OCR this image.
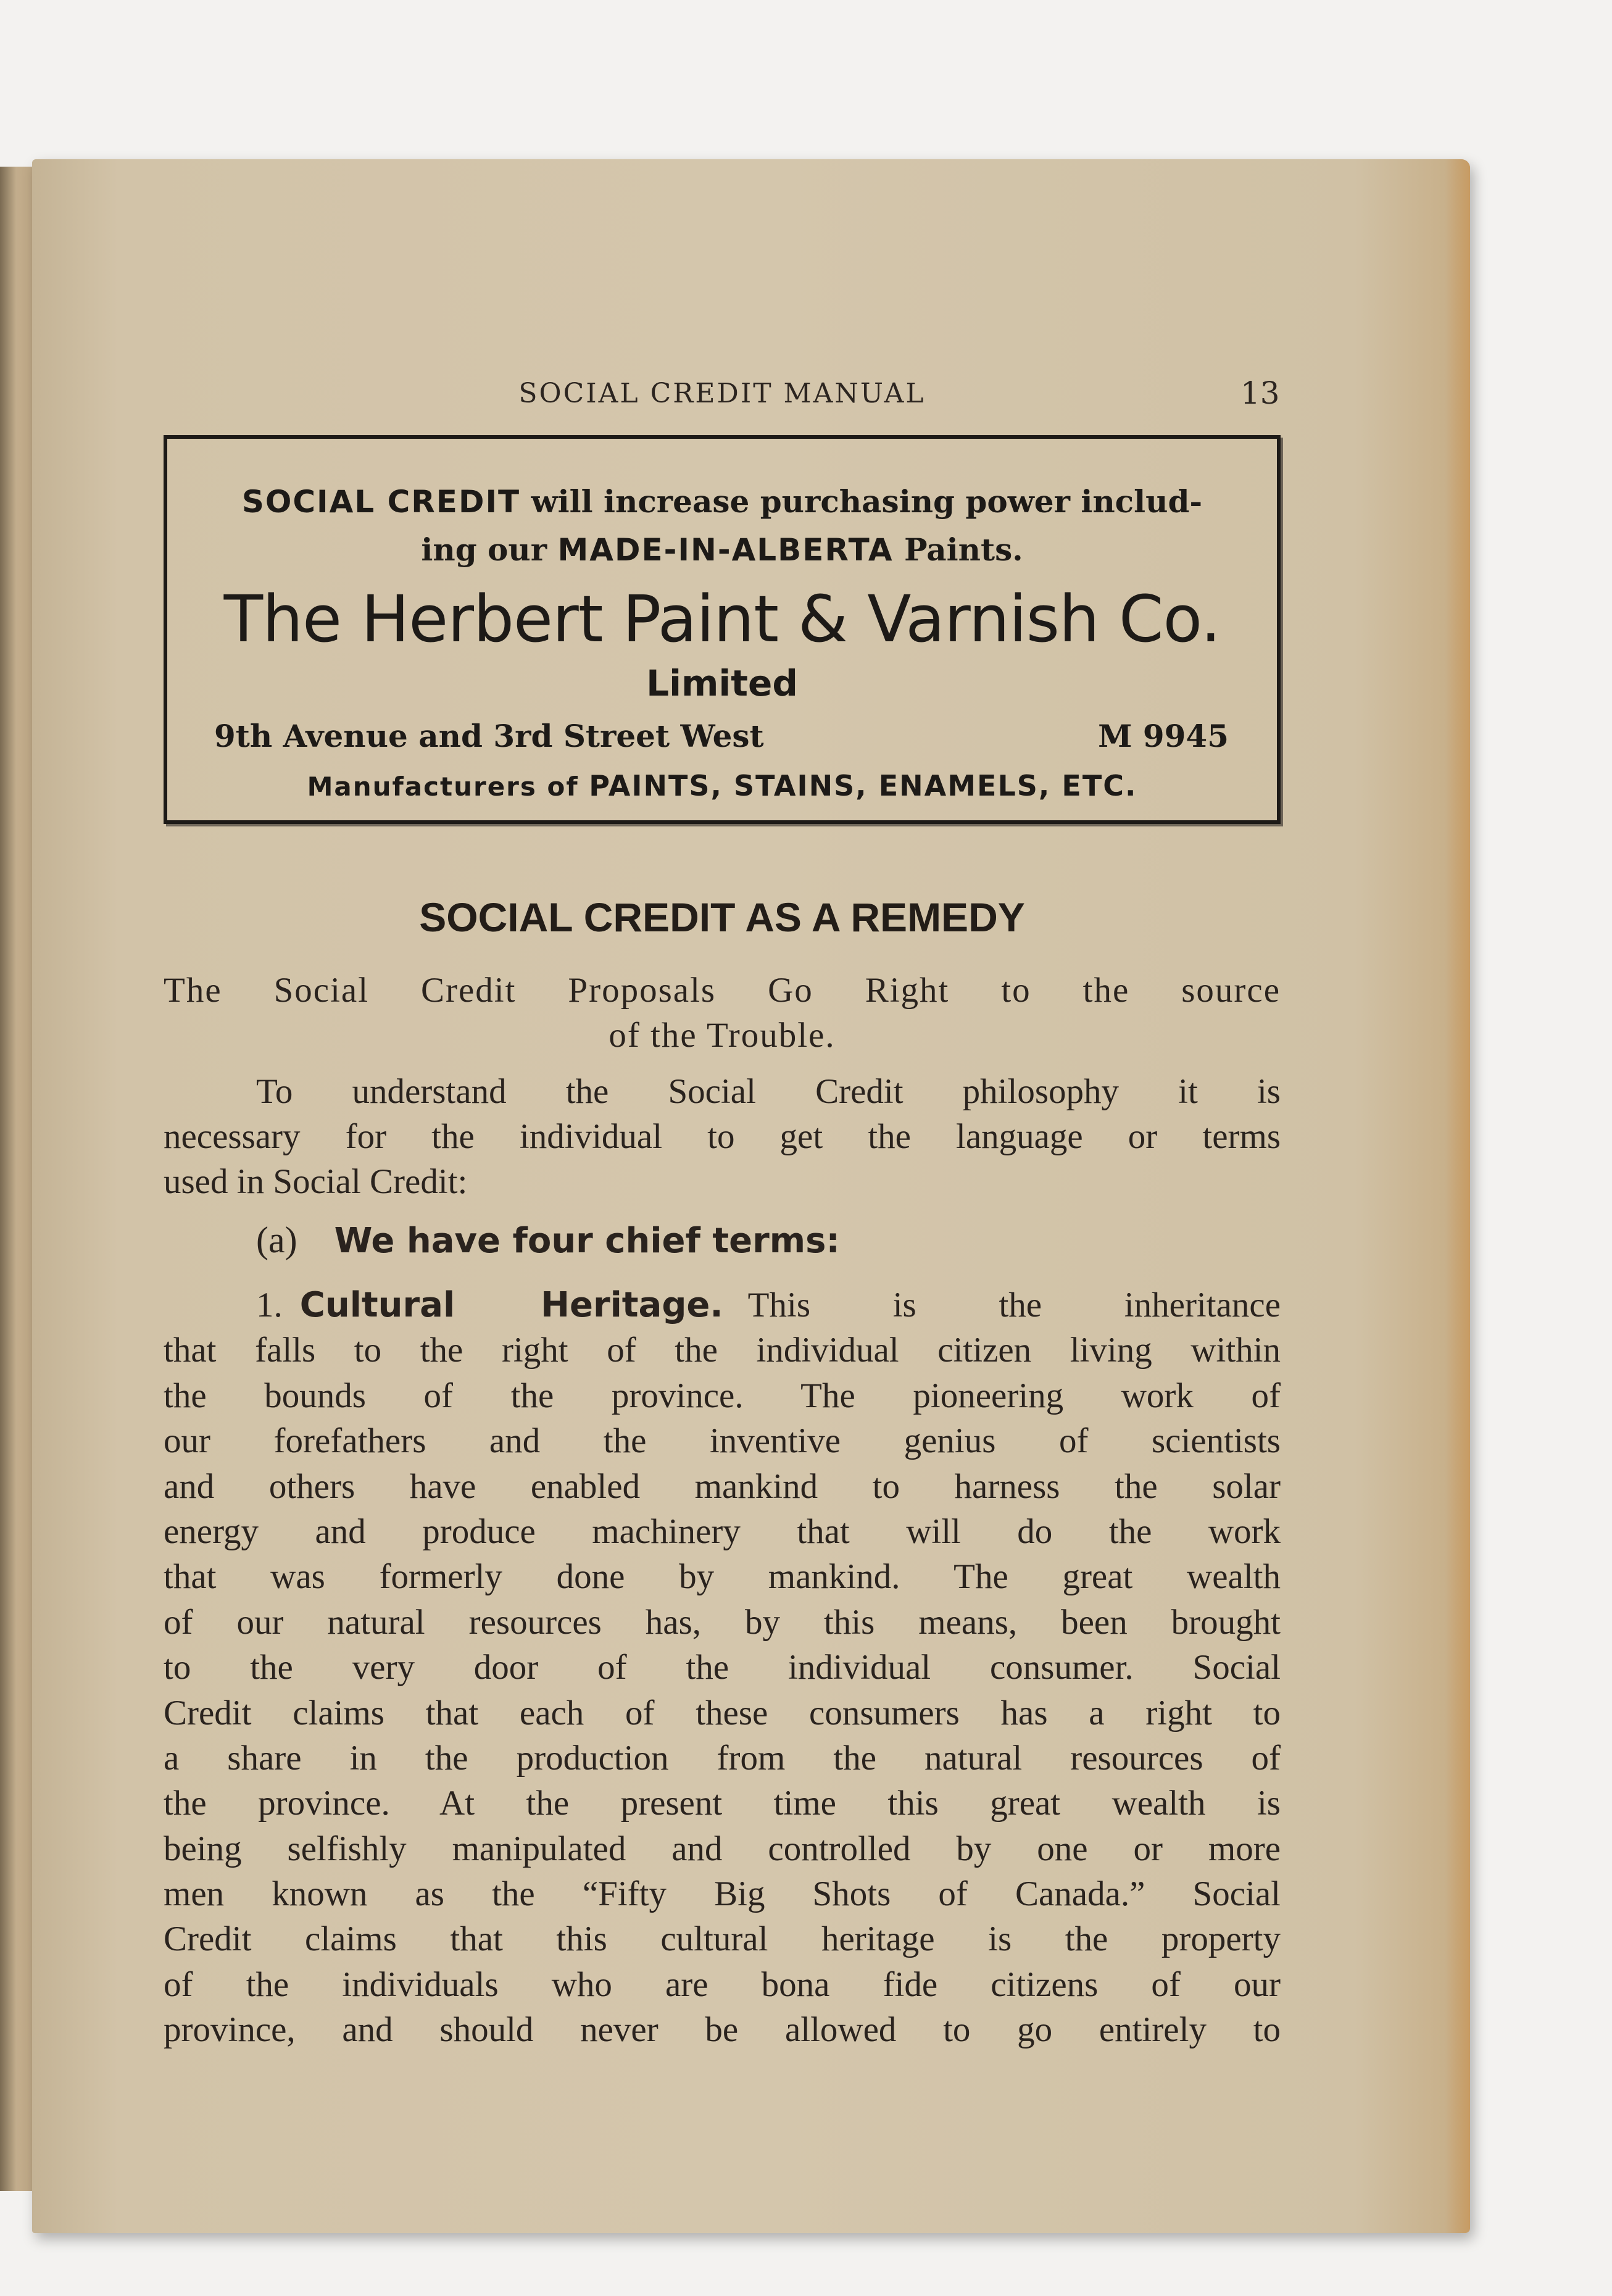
SOCIAL CREDIT MANUAL	13
SOCIAL CREDIT will increase purchasing power includ-
ing our MADE-IN-ALBERTA Paints.
The Herbert Paint & Varnish Co.
Limited
9th Avenue and 3rd Street West	M 9945
Manufacturers of PAINTS, STAINS, ENAMELS, ETC.
SOCIAL CREDIT AS A REMEDY
The Social Credit Proposals Go Right to the source
of the Trouble.
To understand the Social Credit philosophy it is
necessary for the individual to get the language or terms
used in Social Credit:
(a) We have four chief terms:
1. Cultural Heritage. This is the inheritance
that falls to the right of the individual citizen living within
the bounds of the province. The pioneering work of
our forefathers and the inventive genius of scientists
and others have enabled mankind to harness the solar
energy and produce machinery that will do the work
that was formerly done by mankind. The great wealth
of our natural resources has, by this means, been brought
to the very door of the individual consumer. Social
Credit claims that each of these consumers has a right to
a share in the production from the natural resources of
the province. At the present time this great wealth is
being selfishly manipulated and controlled by one or more
men known as the “Fifty Big Shots of Canada.” Social
Credit claims that this cultural heritage is the property
of the individuals who are bona fide citizens of our
province, and should never be allowed to go entirely to
